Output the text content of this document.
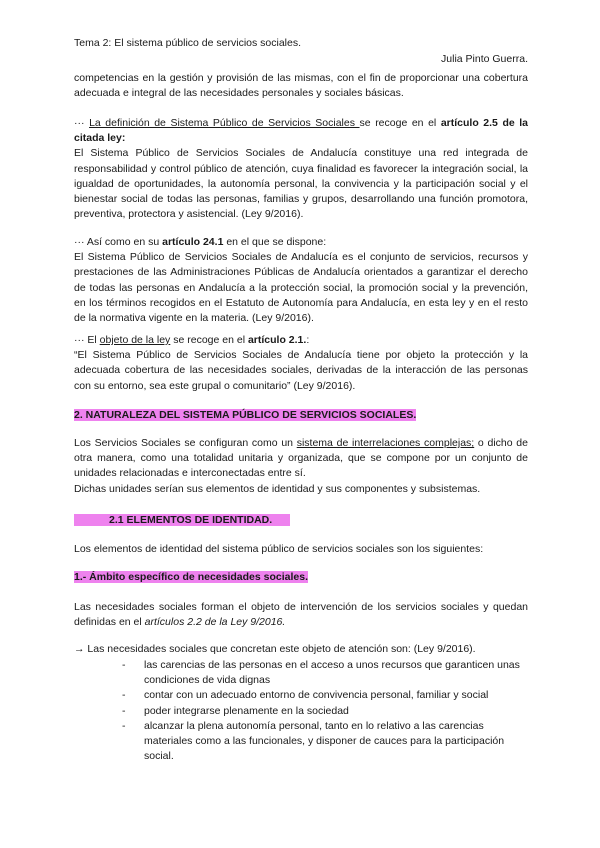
Tema 2: El sistema público de servicios sociales.
Julia Pinto Guerra.
competencias en la gestión y provisión de las mismas, con el fin de proporcionar una cobertura adecuada e integral de las necesidades personales y sociales básicas.
··· La definición de Sistema Público de Servicios Sociales se recoge en el artículo 2.5 de la citada ley:
El Sistema Público de Servicios Sociales de Andalucía constituye una red integrada de responsabilidad y control público de atención, cuya finalidad es favorecer la integración social, la igualdad de oportunidades, la autonomía personal, la convivencia y la participación social y el bienestar social de todas las personas, familias y grupos, desarrollando una función promotora, preventiva, protectora y asistencial. (Ley 9/2016).
··· Así como en su artículo 24.1 en el que se dispone:
El Sistema Público de Servicios Sociales de Andalucía es el conjunto de servicios, recursos y prestaciones de las Administraciones Públicas de Andalucía orientados a garantizar el derecho de todas las personas en Andalucía a la protección social, la promoción social y la prevención, en los términos recogidos en el Estatuto de Autonomía para Andalucía, en esta ley y en el resto de la normativa vigente en la materia. (Ley 9/2016).
··· El objeto de la ley se recoge en el artículo 2.1.:
“El Sistema Público de Servicios Sociales de Andalucía tiene por objeto la protección y la adecuada cobertura de las necesidades sociales, derivadas de la interacción de las personas con su entorno, sea este grupal o comunitario” (Ley 9/2016).
2. NATURALEZA DEL SISTEMA PÚBLICO DE SERVICIOS SOCIALES.
Los Servicios Sociales se configuran como un sistema de interrelaciones complejas; o dicho de otra manera, como una totalidad unitaria y organizada, que se compone por un conjunto de unidades relacionadas e interconectadas entre sí.
Dichas unidades serían sus elementos de identidad y sus componentes y subsistemas.
2.1 ELEMENTOS DE IDENTIDAD.
Los elementos de identidad del sistema público de servicios sociales son los siguientes:
1.- Ámbito específico de necesidades sociales.
Las necesidades sociales forman el objeto de intervención de los servicios sociales y quedan definidas en el artículos 2.2 de la Ley 9/2016.
→ Las necesidades sociales que concretan este objeto de atención son: (Ley 9/2016).
- las carencias de las personas en el acceso a unos recursos que garanticen unas condiciones de vida dignas
- contar con un adecuado entorno de convivencia personal, familiar y social
- poder integrarse plenamente en la sociedad
- alcanzar la plena autonomía personal, tanto en lo relativo a las carencias materiales como a las funcionales, y disponer de cauces para la participación social.
